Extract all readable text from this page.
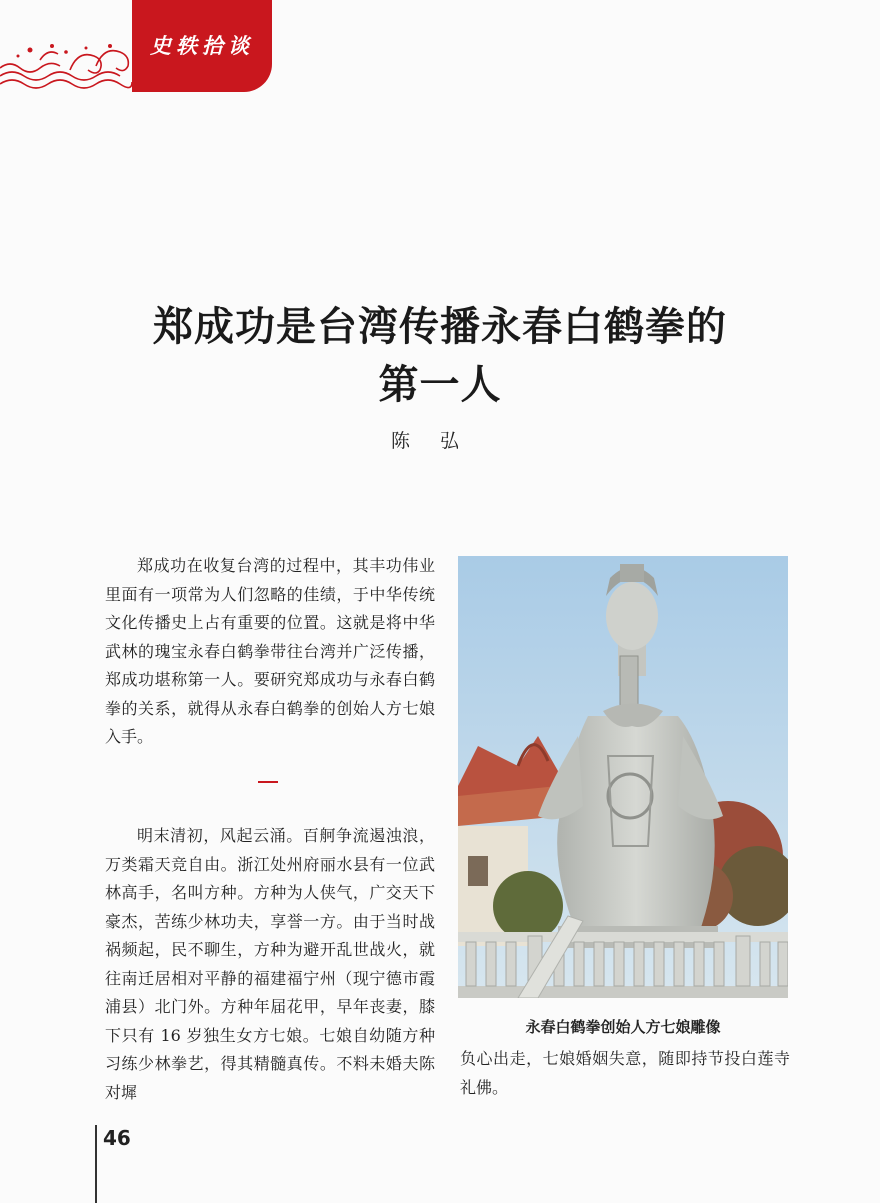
史轶拾谈
郑成功是台湾传播永春白鹤拳的
第一人
陈弘

郑成功在收复台湾的过程中，其丰功伟业里面有一项常为人们忽略的佳绩，于中华传统文化传播史上占有重要的位置。这就是将中华武林的瑰宝永春白鹤拳带往台湾并广泛传播，郑成功堪称第一人。要研究郑成功与永春白鹤拳的关系，就得从永春白鹤拳的创始人方七娘入手。

明末清初，风起云涌。百舸争流遏浊浪，万类霜天竞自由。浙江处州府丽水县有一位武林高手，名叫方种。方种为人侠气，广交天下豪杰，苦练少林功夫，享誉一方。由于当时战祸频起，民不聊生，方种为避开乱世战火，就往南迁居相对平静的福建福宁州（现宁德市霞浦县）北门外。方种年届花甲，早年丧妻，膝下只有 16 岁独生女方七娘。七娘自幼随方种习练少林拳艺，得其精髓真传。不料未婚夫陈对墀

永春白鹤拳创始人方七娘雕像

负心出走，七娘婚姻失意，随即持节投白莲寺礼佛。

46
